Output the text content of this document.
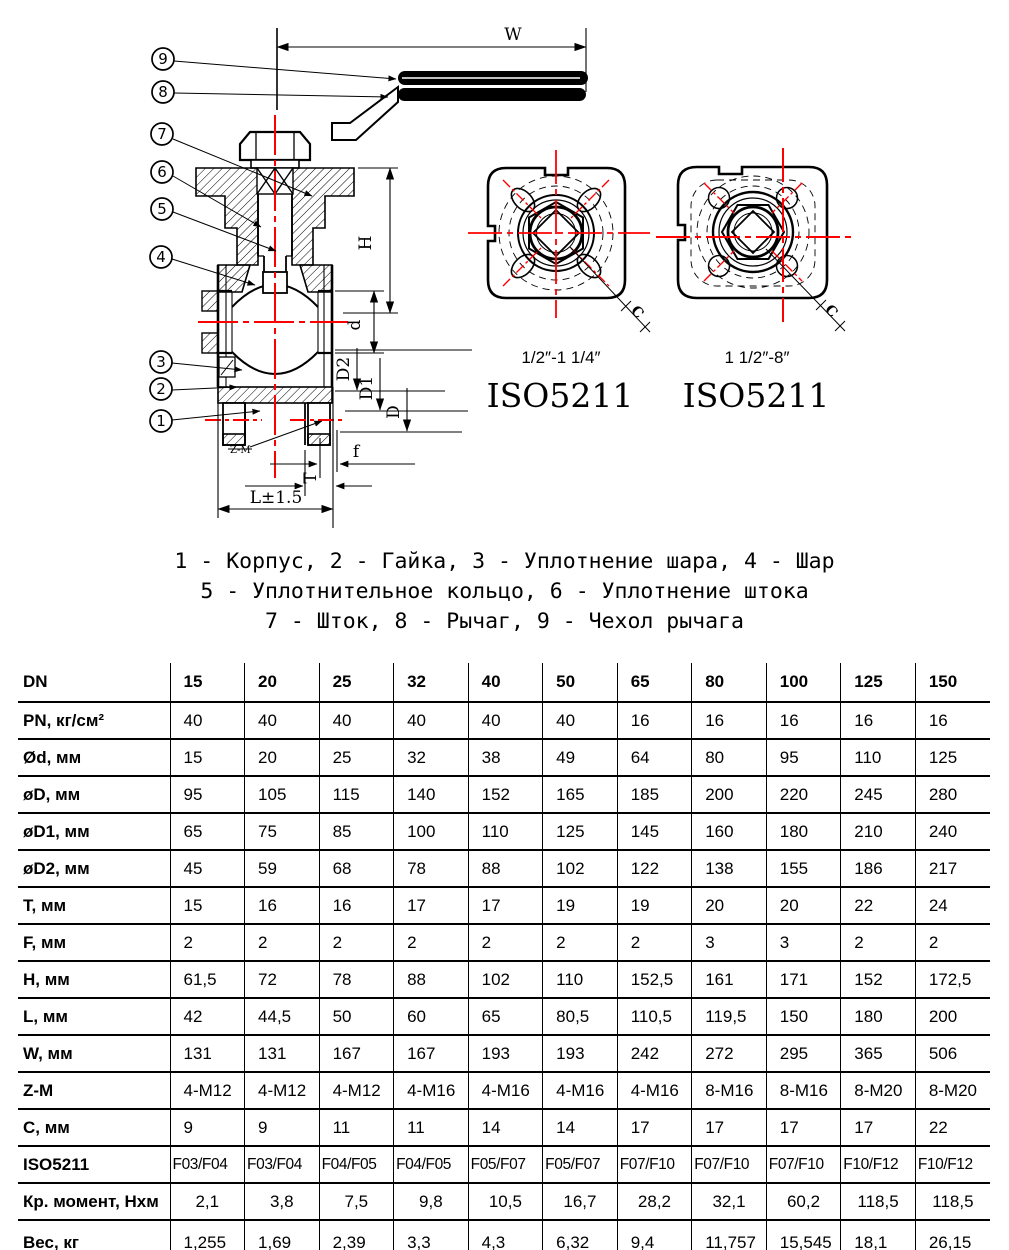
9
8
7
6
5
4
3
2
1
W
H
d
D2
D1
D
f
T
L±1.5
Z-M
C	C
1/2″-1 1/4″
ISO5211
1 1/2″-8″
ISO5211
1 - Корпус, 2 - Гайка, 3 - Уплотнение шара, 4 - Шар
5 - Уплотнительное кольцо, 6 - Уплотнение штока
7 - Шток, 8 - Рычаг, 9 - Чехол рычага
DN	15	20	25	32	40	50	65	80	100	125	150
PN, кг/см²	40	40	40	40	40	40	16	16	16	16	16
Ød, мм	15	20	25	32	38	49	64	80	95	110	125
øD, мм	95	105	115	140	152	165	185	200	220	245	280
øD1, мм	65	75	85	100	110	125	145	160	180	210	240
øD2, мм	45	59	68	78	88	102	122	138	155	186	217
T, мм	15	16	16	17	17	19	19	20	20	22	24
F, мм	2	2	2	2	2	2	2	3	3	2	2
H, мм	61,5	72	78	88	102	110	152,5	161	171	152	172,5
L, мм	42	44,5	50	60	65	80,5	110,5	119,5	150	180	200
W, мм	131	131	167	167	193	193	242	272	295	365	506
Z-M	4-M12	4-M12	4-M12	4-M16	4-M16	4-M16	4-M16	8-M16	8-M16	8-M20	8-M20
C, мм	9	9	11	11	14	14	17	17	17	17	22
ISO5211	F03/F04	F03/F04	F04/F05	F04/F05	F05/F07	F05/F07	F07/F10	F07/F10	F07/F10	F10/F12	F10/F12
Кр. момент, Нхм	2,1	3,8	7,5	9,8	10,5	16,7	28,2	32,1	60,2	118,5	118,5
Вес, кг	1,255	1,69	2,39	3,3	4,3	6,32	9,4	11,757	15,545	18,1	26,15
